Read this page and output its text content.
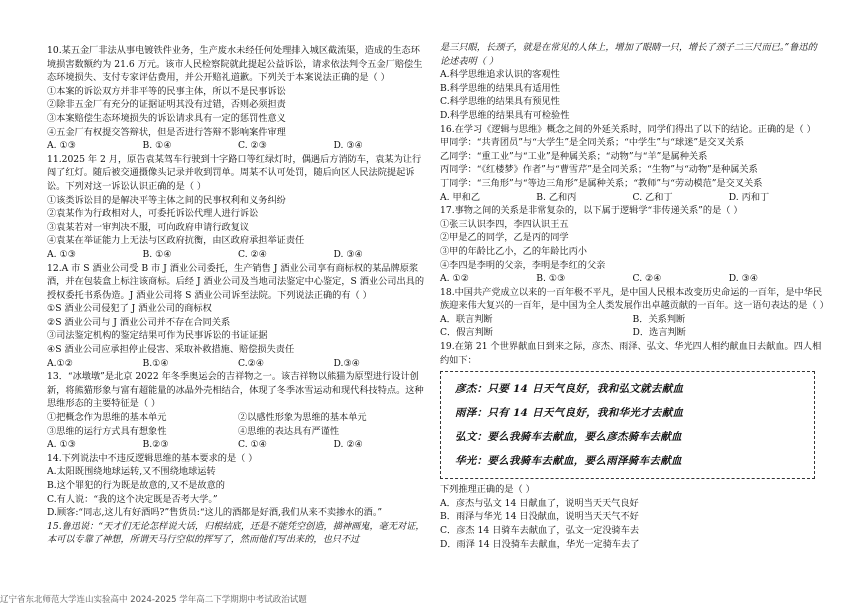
10.某五金厂非法从事电镀铁件业务，生产废水未经任何处理排入城区截流渠，造成的生态环境损害数额约为 21.6 万元。该市人民检察院就此提起公益诉讼，请求依法判令五金厂赔偿生态环境损失、支付专家评估费用，并公开赔礼道歉。下列关于本案说法正确的是（ ）

①本案的诉讼双方并非平等的民事主体，所以不是民事诉讼

②除非五金厂有充分的证据证明其没有过错，否则必须担责

③本案赔偿生态环境损失的诉讼请求具有一定的惩罚性意义

④五金厂有权提交答辩状，但是否进行答辩不影响案件审理

A. ①③	B. ①④	C. ②③	D. ③④

11.2025 年 2 月，原告袁某驾车行驶到十字路口等红绿灯时，偶遇后方消防车，袁某为让行闯了红灯。随后被交通摄像头记录并收到罚单。周某不认可处罚，随后向区人民法院提起诉讼。下列对这一诉讼认识正确的是（ ）

①该类诉讼目的是解决平等主体之间的民事权利和义务纠纷

②袁某作为行政相对人，可委托诉讼代理人进行诉讼

③袁某若对一审判决不服，可向政府申请行政复议

④袁某在举证能力上无法与区政府抗衡，由区政府承担举证责任

A. ①③	B. ①④	C. ②④	D. ③④

12.A 市 S 酒业公司受 B 市 J 酒业公司委托，生产销售 J 酒业公司享有商标权的某品牌原浆酒，并在包装盒上标注该商标。后经 J 酒业公司及当地司法鉴定中心鉴定，S 酒业公司出具的授权委托书系伪造。J 酒业公司将 S 酒业公司诉至法院。下列说法正确的有（ ）

①S 酒业公司侵犯了 J 酒业公司的商标权

②S 酒业公司与 J 酒业公司并不存在合同关系

③司法鉴定机构的鉴定结果可作为民事诉讼的书证证据

④S 酒业公司应承担停止侵害、采取补救措施、赔偿损失责任

A.①②	B.①④	C.②④	D.③④

13．“冰墩墩”是北京 2022 年冬季奥运会的吉祥物之一。该吉祥物以熊猫为原型进行设计创新，将熊猫形象与富有超能量的冰晶外壳相结合，体现了冬季冰雪运动和现代科技特点。这种思维形态的主要特征是（ ）

①把概念作为思维的基本单元	②以感性形象为思维的基本单元
③思维的运行方式具有想象性	④思维的表达具有严谨性
A. ①③	B.②③	C. ①④	D. ②④

14.下列说法中不违反逻辑思维的基本要求的是（ ）

A.太阳既围绕地球运转,又不围绕地球运转

B.这个罪犯的行为既是故意的,又不是故意的

C.有人说：“我的这个决定既是否考大学。”

D.顾客:“同志,这儿有好酒吗?”售货员:“这儿的酒都是好酒,我们从来不卖掺水的酒。”

15.鲁迅说：“天才们无论怎样说大话，归根结底，还是不能凭空创造，描神画鬼，毫无对证，本可以专靠了神想，所谓天马行空似的挥写了，然而他们写出来的，也只不过

是三只眼，长颈子，就是在常见的人体上，增加了眼睛一只，增长了颈子二三尺而已。”鲁迅的论述表明（ ）

A.科学思维追求认识的客观性

B.科学思维的结果具有适用性

C.科学思维的结果具有预见性

D.科学思维的结果具有可检验性

16.在学习《逻辑与思维》概念之间的外延关系时，同学们得出了以下的结论。正确的是（ ）

甲同学：“共青团员”与“大学生”是全同关系；“中学生”与“球迷”是交叉关系

乙同学：“重工业”与“工业”是种属关系；“动物”与“羊”是属种关系

丙同学：“《红楼梦》作者”与“曹雪芹”是全同关系；“生物”与“动物”是种属关系

丁同学：“三角形”与“等边三角形”是属种关系；“教师”与“劳动模范”是交叉关系

A. 甲和乙	B. 乙和丙	C. 乙和丁	D. 丙和丁

17.事物之间的关系是非常复杂的，以下属于逻辑学“非传递关系”的是（ ）

①张三认识李四，李四认识王五

②甲是乙的同学，乙是丙的同学

③甲的年龄比乙小，乙的年龄比丙小

④李四是李明的父亲，李明是李红的父亲

A. ①②	B. ①③	C. ②④	D. ③④

18.中国共产党成立以来的一百年极不平凡，是中国人民根本改变历史命运的一百年，是中华民族迎来伟大复兴的一百年，是中国为全人类发展作出卓越贡献的一百年。这一语句表达的是（ ）

A．联言判断	B．关系判断
C．假言判断	D．选言判断

19.在第 21 个世界献血日到来之际，彦杰、雨泽、弘文、华光四人相约献血日去献血。四人相约如下：

彦杰：只要 14 日天气良好，我和弘文就去献血
雨泽：只有 14 日天气良好，我和华光才去献血
弘文：要么我骑车去献血，要么彦杰骑车去献血
华光：要么我骑车去献血，要么雨泽骑车去献血

下列推理正确的是（ ）

A．彦杰与弘文 14 日献血了，说明当天天气良好

B．雨泽与华光 14 日没献血，说明当天天气不好

C．彦杰 14 日骑车去献血了，弘文一定没骑车去

D．雨泽 14 日没骑车去献血，华光一定骑车去了

辽宁省东北师范大学连山实验高中 2024-2025 学年高二下学期期中考试政治试题
